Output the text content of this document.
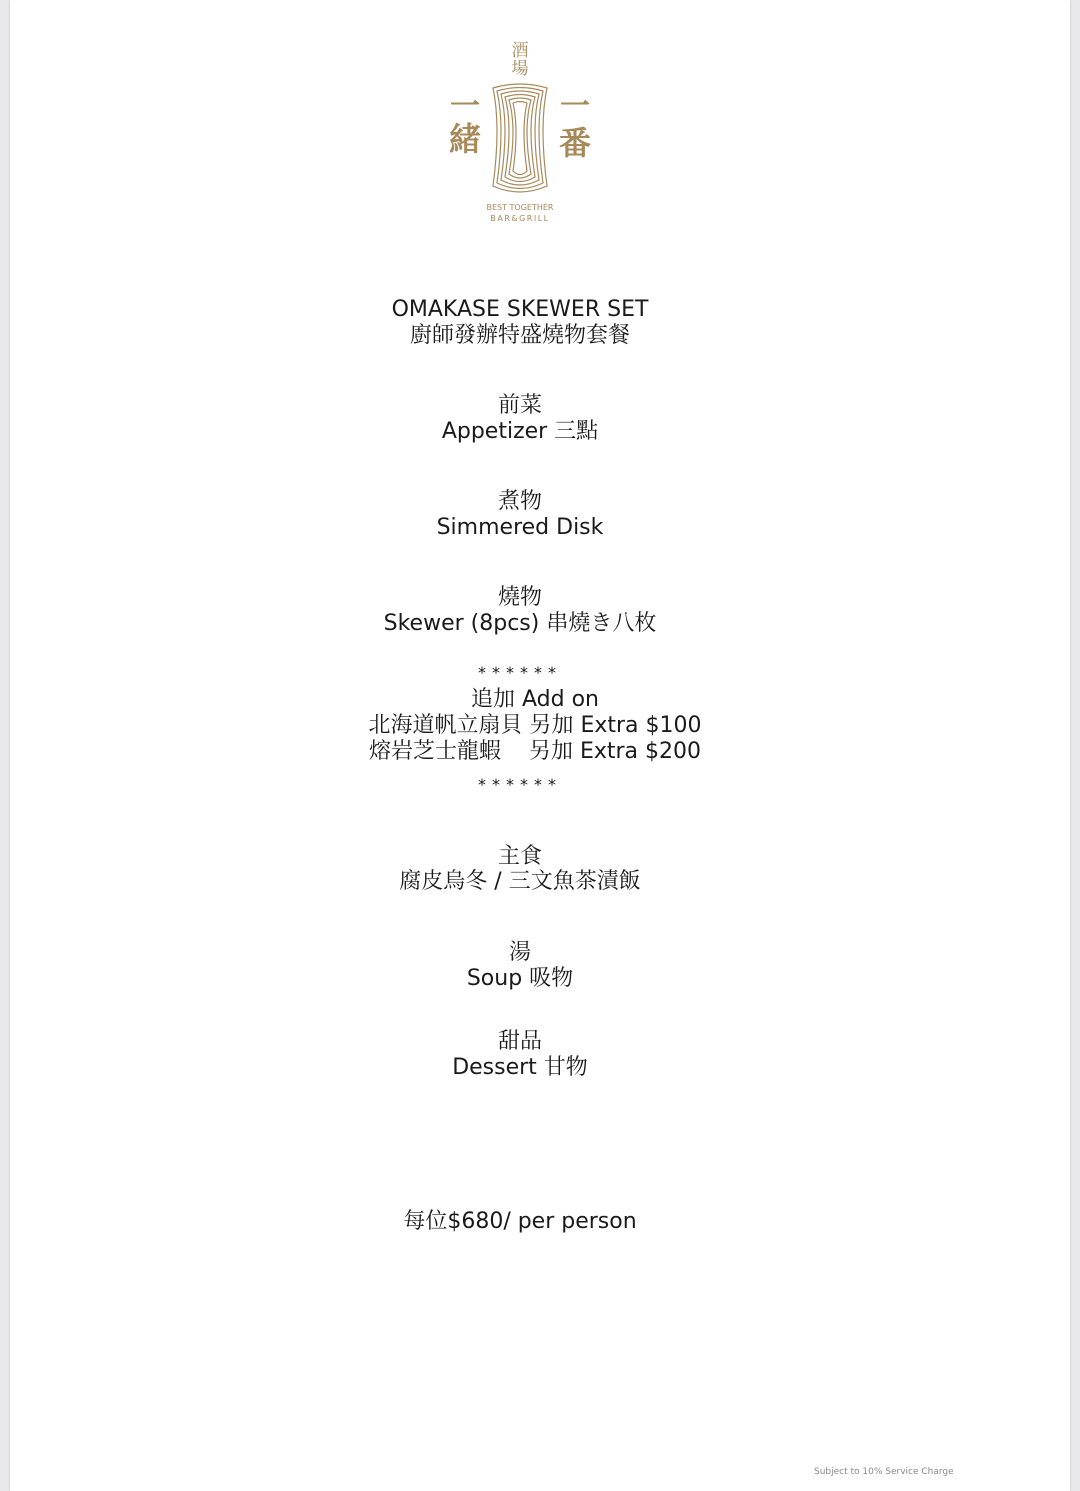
酒
場
一
緒
一
番
BEST TOGETHER
BAR&GRILL
OMAKASE SKEWER SET
廚師發辦特盛燒物套餐
前菜
Appetizer 三點
煮物
Simmered Disk
燒物
Skewer (8pcs) 串燒き八枚
******
追加 Add on
北海道帆立扇貝 另加 Extra $100
熔岩芝士龍蝦    另加 Extra $200
******
主食
腐皮烏冬 / 三文魚茶漬飯
湯
Soup 吸物
甜品
Dessert 甘物
每位$680/ per person
Subject to 10% Service Charge
